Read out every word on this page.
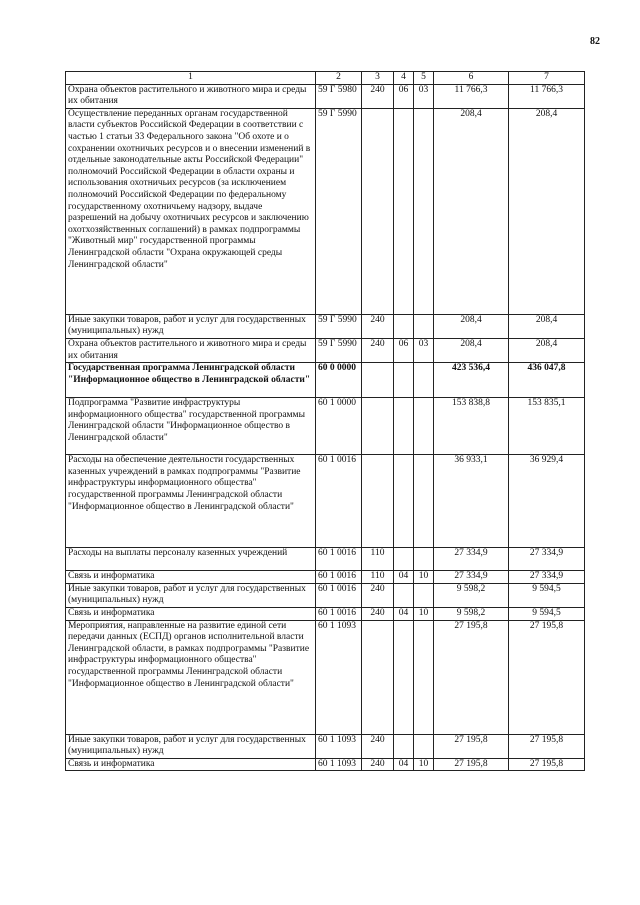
82
1	2	3	4	5	6	7
Охрана объектов растительного и животного мира и среды их обитания	59 Г 5980	240	06	03	11 766,3	11 766,3
Осуществление переданных органам государственной власти субъектов Российской Федерации в соответствии с частью 1 статьи 33 Федерального закона "Об охоте и о сохранении охотничьих ресурсов и о внесении изменений в отдельные законодательные акты Российской Федерации" полномочий Российской Федерации в области охраны и использования охотничьих ресурсов (за исключением полномочий Российской Федерации по федеральному государственному охотничьему надзору, выдаче разрешений на добычу охотничьих ресурсов и заключению охотхозяйственных соглашений) в рамках подпрограммы "Животный мир" государственной программы Ленинградской области "Охрана окружающей среды Ленинградской области"	59 Г 5990				208,4	208,4
Иные закупки товаров, работ и услуг для государственных (муниципальных) нужд	59 Г 5990	240			208,4	208,4
Охрана объектов растительного и животного мира и среды их обитания	59 Г 5990	240	06	03	208,4	208,4
Государственная программа Ленинградской области "Информационное общество в Ленинградской области"	60 0 0000				423 536,4	436 047,8
Подпрограмма "Развитие инфраструктуры информационного общества" государственной программы Ленинградской области "Информационное общество в Ленинградской области"	60 1 0000				153 838,8	153 835,1
Расходы на обеспечение деятельности государственных казенных учреждений в рамках подпрограммы "Развитие инфраструктуры информационного общества" государственной программы Ленинградской области "Информационное общество в Ленинградской области"	60 1 0016				36 933,1	36 929,4
Расходы на выплаты персоналу казенных учреждений	60 1 0016	110			27 334,9	27 334,9
Связь и информатика	60 1 0016	110	04	10	27 334,9	27 334,9
Иные закупки товаров, работ и услуг для государственных (муниципальных) нужд	60 1 0016	240			9 598,2	9 594,5
Связь и информатика	60 1 0016	240	04	10	9 598,2	9 594,5
Мероприятия, направленные на развитие единой сети передачи данных (ЕСПД) органов исполнительной власти Ленинградской области, в рамках подпрограммы "Развитие инфраструктуры информационного общества" государственной программы Ленинградской области "Информационное общество в Ленинградской области"	60 1 1093				27 195,8	27 195,8
Иные закупки товаров, работ и услуг для государственных (муниципальных) нужд	60 1 1093	240			27 195,8	27 195,8
Связь и информатика	60 1 1093	240	04	10	27 195,8	27 195,8
